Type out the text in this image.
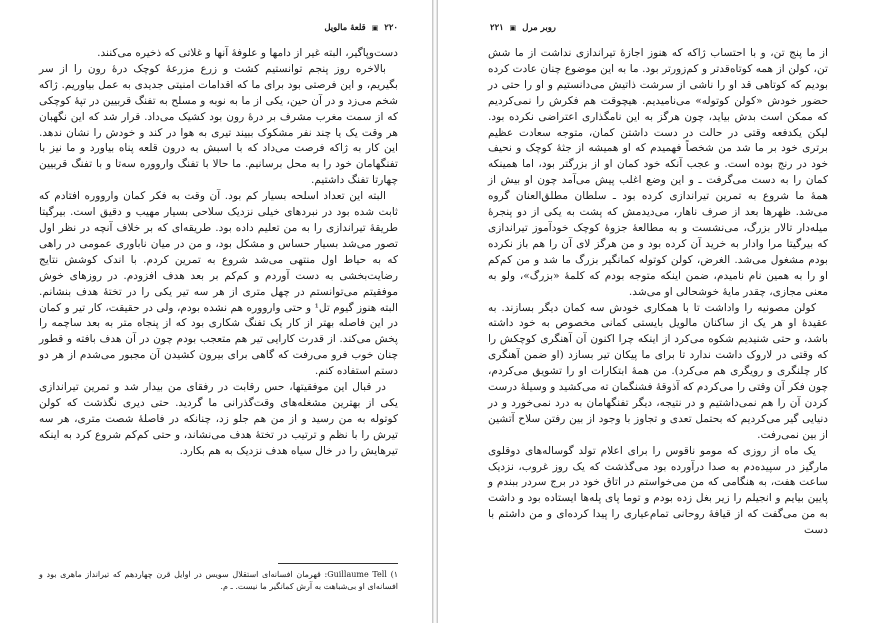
۲۲۰ ▣ قلعهٔ مالویل

دست‌وپاگیر، البته غیر از دامها و علوفهٔ آنها و غلاتی که ذخیره می‌کنند.

بالاخره روز پنجم توانستیم کشت و زرع مزرعهٔ کوچک درهٔ رون را از سر بگیریم، و این فرصتی بود برای ما که اقدامات امنیتی جدیدی به عمل بیاوریم. ژاکه شخم می‌زد و در آن حین، یکی از ما به نوبه و مسلح به تفنگ قربیین در تپهٔ کوچکی که از سمت مغرب مشرف بر درهٔ رون بود کشیک می‌داد. قرار شد که این نگهبان هر وقت یک یا چند نفر مشکوک ببیند تیری به هوا در کند و خودش را نشان ندهد. این کار به ژاکه فرصت می‌داد که با اسبش به درون قلعه پناه بیاورد و ما نیز با تفنگهامان خود را به محل برسانیم. ما حالا با تفنگ وارووره سه‌تا و با تفنگ قربیین چهارتا تفنگ داشتیم.

البته این تعداد اسلحه بسیار کم بود. آن وقت به فکر کمان وارووره افتادم که ثابت شده بود در نبردهای خیلی نزدیک سلاحی بسیار مهیب و دقیق است. بیرگیتا طریقهٔ تیراندازی را به من تعلیم داده بود. طریقه‌ای که بر خلاف آنچه در نظر اول تصور می‌شد بسیار حساس و مشکل بود، و من در میان ناباوری عمومی در راهی که به حیاط اول منتهی می‌شد شروع به تمرین کردم. با اندک کوشش نتایج رضایت‌بخشی به دست آوردم و کم‌کم بر بعد هدف افزودم. در روزهای خوش موفقیتم می‌توانستم در چهل متری از هر سه تیر یکی را در تختهٔ هدف بنشانم. البته هنوز گیوم تل¹ و حتی وارووره هم نشده بودم، ولی در حقیقت، کار تیر و کمان در این فاصله بهتر از کار یک تفنگ شکاری بود که از پنجاه متر به بعد ساچمه را پخش می‌کند. از قدرت کارایی تیر هم متعجب بودم چون در آن هدف بافته و قطور چنان خوب فرو می‌رفت که گاهی برای بیرون کشیدن آن مجبور می‌شدم از هر دو دستم استفاده کنم.

در قبال این موفقیتها، حس رقابت در رفقای من بیدار شد و تمرین تیراندازی یکی از بهترین مشغله‌های وقت‌گذرانی ما گردید. حتی دیری نگذشت که کولن کوتوله به من رسید و از من هم جلو زد، چنانکه در فاصلهٔ شصت متری، هر سه تیرش را با نظم و ترتیب در تختهٔ هدف می‌نشاند، و حتی کم‌کم شروع کرد به اینکه تیرهایش را در خال سیاه هدف نزدیک به هم بکارد.

۱) Guillaume Tell: قهرمان افسانه‌ای استقلال سویس در اوایل قرن چهاردهم که تیرانداز ماهری بود و افسانه‌ای او بی‌شباهت به آرش کمانگیر ما نیست. ـ م.
روبر مرل ▣ ۲۲۱

از ما پنج تن، و با احتساب ژاکه که هنوز اجازهٔ تیراندازی نداشت از ما شش تن، کولن از همه کوتاه‌قدتر و کم‌زورتر بود. ما به این موضوع چنان عادت کرده بودیم که کوتاهی قد او را ناشی از سرشت ذاتیش می‌دانستیم و او را حتی در حضور خودش «کولن کوتوله» می‌نامیدیم. هیچوقت هم فکرش را نمی‌کردیم که ممکن است بدش بیاید، چون هرگز به این نامگذاری اعتراضی نکرده بود. لیکن یکدفعه وقتی در حالت در دست داشتن کمان، متوجه سعادت عظیم برتری خود بر ما شد من شخصاً فهمیدم که او همیشه از جثهٔ کوچک و نحیف خود در رنج بوده است. و عجب آنکه خود کمان او از بزرگتر بود، اما همینکه کمان را به دست می‌گرفت ـ و این وضع اغلب پیش می‌آمد چون او بیش از همهٔ ما شروع به تمرین تیراندازی کرده بود ـ سلطان مطلق‌العنان گروه می‌شد. ظهرها بعد از صرف ناهار، می‌دیدمش که پشت به یکی از دو پنجرهٔ میله‌دار تالار بزرگ، می‌نشست و به مطالعهٔ جزوهٔ کوچک خودآموز تیراندازی که بیرگیتا مرا وادار به خرید آن کرده بود و من هرگز لای آن را هم باز نکرده بودم مشغول می‌شد. الغرض، کولن کوتوله کمانگیر بزرگ ما شد و من کم‌کم او را به همین نام نامیدم، ضمن اینکه متوجه بودم که کلمهٔ «بزرگ»، ولو به معنی مجازی، چقدر مایهٔ خوشحالی او می‌شد.

کولن مصونیه را واداشت تا با همکاری خودش سه کمان دیگر بسازند. به عقیدهٔ او هر یک از ساکنان مالویل بایستی کمانی مخصوص به خود داشته باشد، و حتی شنیدیم شکوه می‌کرد از اینکه چرا اکنون آن آهنگری کوچکش را که وقتی در لاروک داشت ندارد تا برای ما پیکان تیر بسازد (او ضمن آهنگری کار چلنگری و رویگری هم می‌کرد). من همهٔ ابتکارات او را تشویق می‌کردم، چون فکر آن وقتی را می‌کردم که آذوقهٔ فشنگمان ته می‌کشید و وسیلهٔ درست کردن آن را هم نمی‌داشتیم و در نتیجه، دیگر تفنگهامان به درد نمی‌خورد و در دنیایی گیر می‌کردیم که بحتمل تعدی و تجاوز با وجود از بین رفتن سلاح آتشین از بین نمی‌رفت.

یک ماه از روزی که مومو ناقوس را برای اعلام تولد گوساله‌های دوقلوی مارگیز در سپیده‌دم به صدا درآورده بود می‌گذشت که یک روز غروب، نزدیک ساعت هفت، به هنگامی که من می‌خواستم در اتاق خود در برج سردر ببندم و پایین بیایم و انجیلم را زیر بغل زده بودم و توما پای پله‌ها ایستاده بود و داشت به من می‌گفت که از قیافهٔ روحانی تمام‌عیاری را پیدا کرده‌ای و من داشتم با دست
